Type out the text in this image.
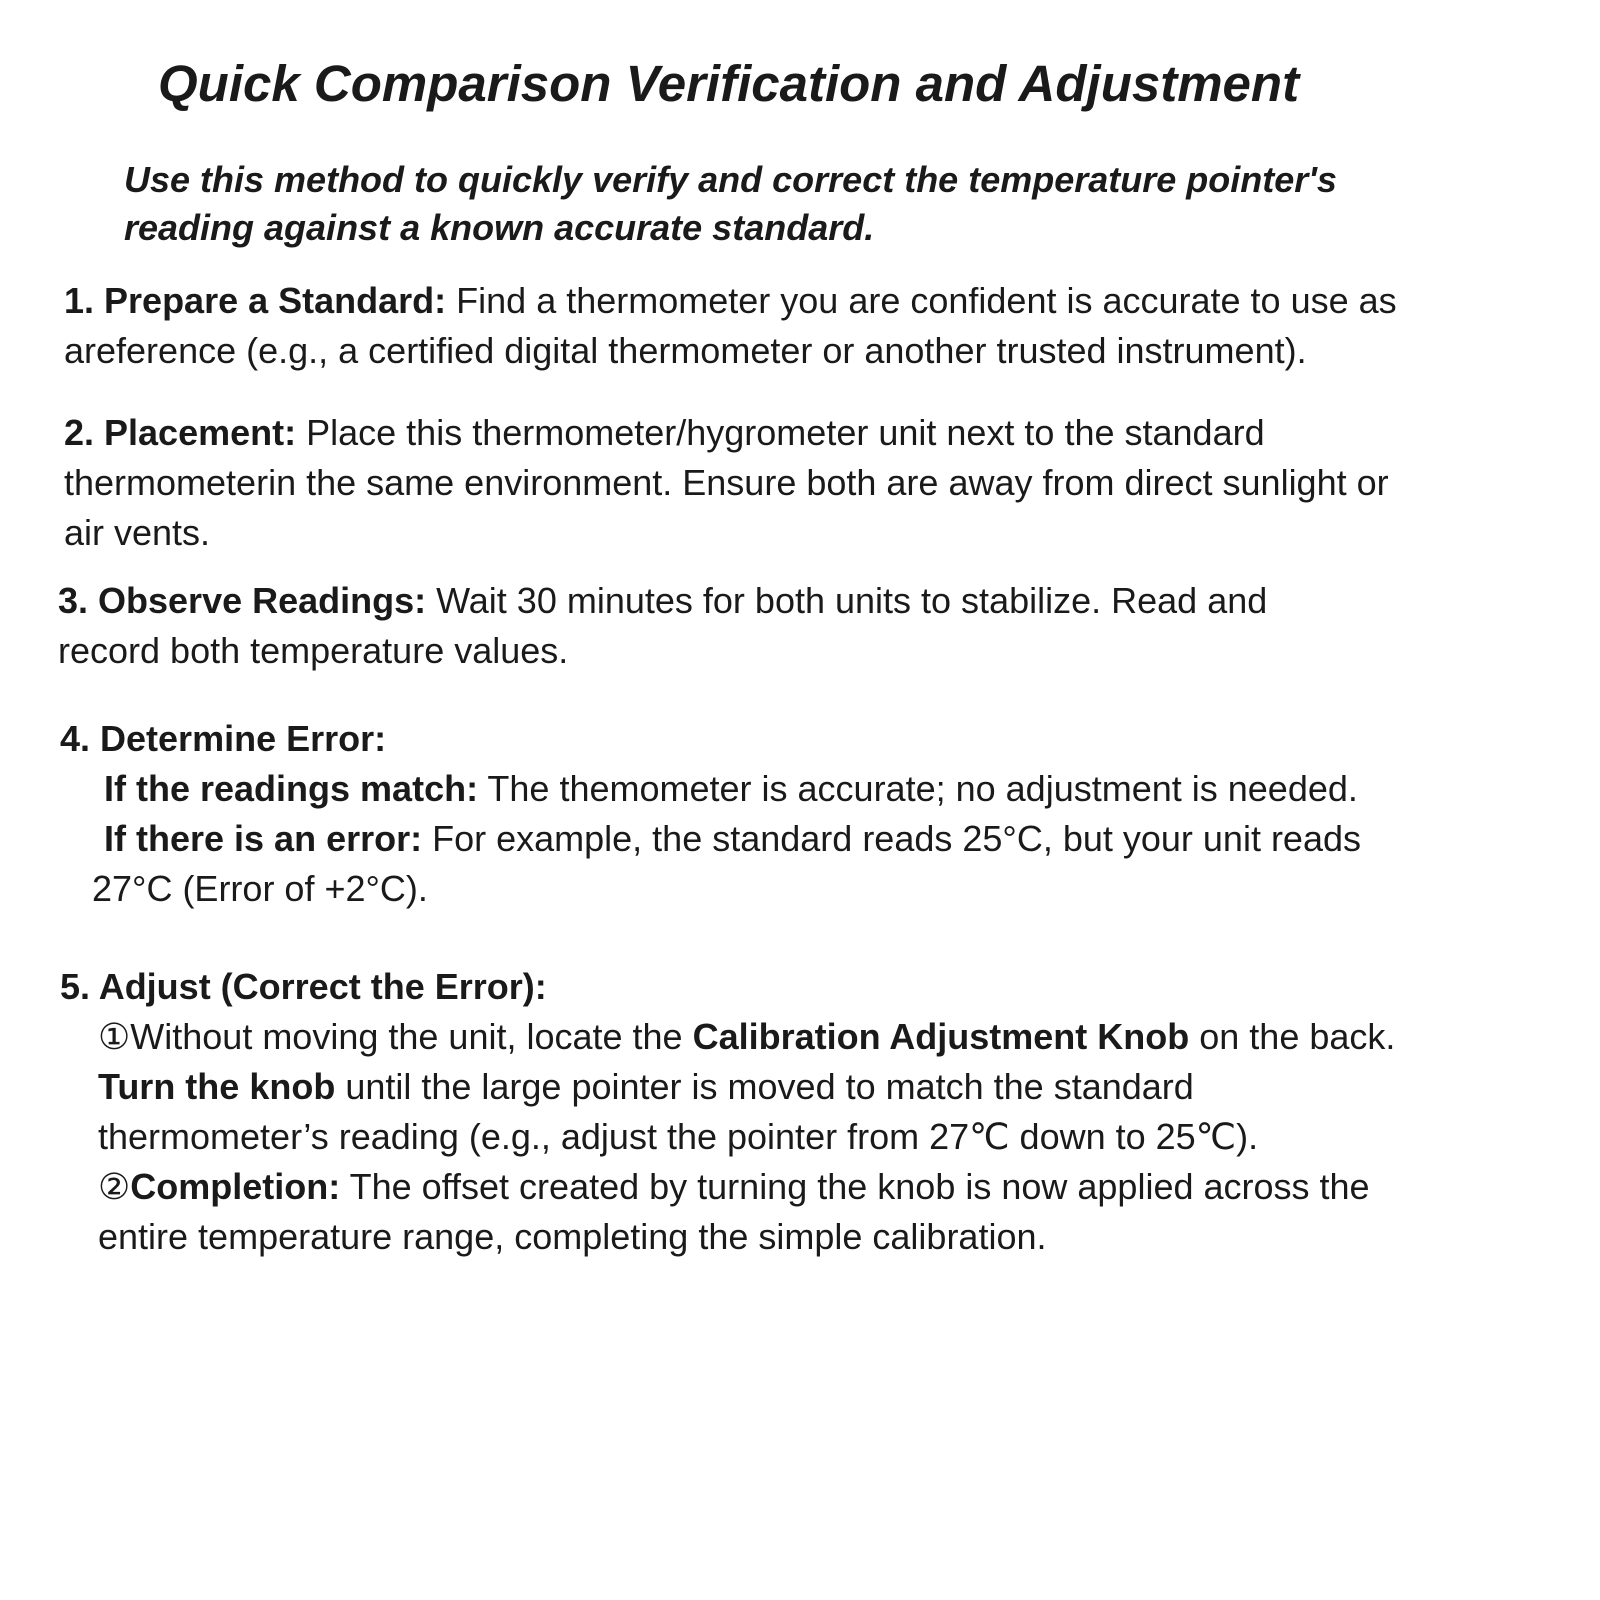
Quick Comparison Verification and Adjustment
Use this method to quickly verify and correct the temperature pointer's
reading against a known accurate standard.
1. Prepare a Standard: Find a thermometer you are confident is accurate to use as
areference (e.g., a certified digital thermometer or another trusted instrument).
2. Placement: Place this thermometer/hygrometer unit next to the standard
thermometerin the same environment. Ensure both are away from direct sunlight or
air vents.
3. Observe Readings: Wait 30 minutes for both units to stabilize. Read and
record both temperature values.
4. Determine Error:
If the readings match: The themometer is accurate; no adjustment is needed.
If there is an error: For example, the standard reads 25°C, but your unit reads
27°C (Error of +2°C).
5. Adjust (Correct the Error):
①Without moving the unit, locate the Calibration Adjustment Knob on the back.
Turn the knob until the large pointer is moved to match the standard
thermometer’s reading (e.g., adjust the pointer from 27℃ down to 25℃).
②Completion: The offset created by turning the knob is now applied across the
entire temperature range, completing the simple calibration.
